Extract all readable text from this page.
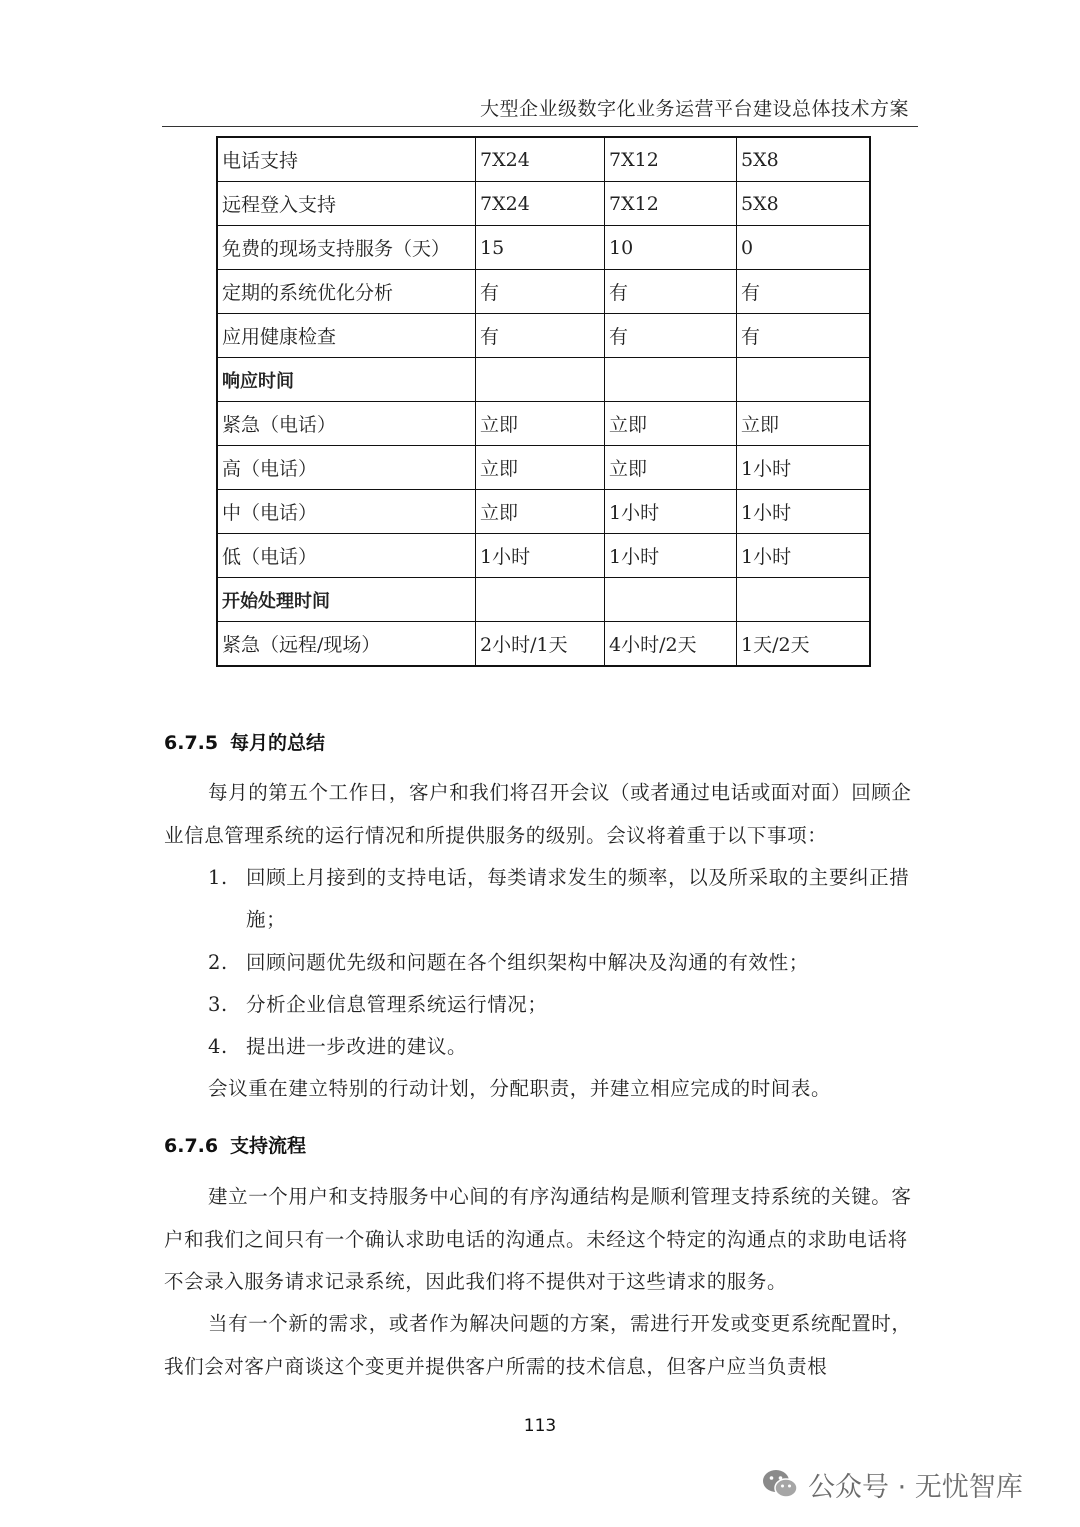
大型企业级数字化业务运营平台建设总体技术方案
电话支持	7X24	7X12	5X8
远程登入支持	7X24	7X12	5X8
免费的现场支持服务（天）	15	10	0
定期的系统优化分析	有	有	有
应用健康检查	有	有	有
响应时间			
紧急（电话）	立即	立即	立即
高（电话）	立即	立即	1小时
中（电话）	立即	1小时	1小时
低（电话）	1小时	1小时	1小时
开始处理时间			
紧急（远程/现场）	2小时/1天	4小时/2天	1天/2天
6.7.5 每月的总结
每月的第五个工作日，客户和我们将召开会议（或者通过电话或面对面）回顾企业信息管理系统的运行情况和所提供服务的级别。会议将着重于以下事项：
1. 回顾上月接到的支持电话，每类请求发生的频率，以及所采取的主要纠正措施；
2. 回顾问题优先级和问题在各个组织架构中解决及沟通的有效性；
3. 分析企业信息管理系统运行情况；
4. 提出进一步改进的建议。
会议重在建立特别的行动计划，分配职责，并建立相应完成的时间表。
6.7.6 支持流程
建立一个用户和支持服务中心间的有序沟通结构是顺利管理支持系统的关键。客户和我们之间只有一个确认求助电话的沟通点。未经这个特定的沟通点的求助电话将不会录入服务请求记录系统，因此我们将不提供对于这些请求的服务。
当有一个新的需求，或者作为解决问题的方案，需进行开发或变更系统配置时，我们会对客户商谈这个变更并提供客户所需的技术信息，但客户应当负责根
113
公众号 · 无忧智库
